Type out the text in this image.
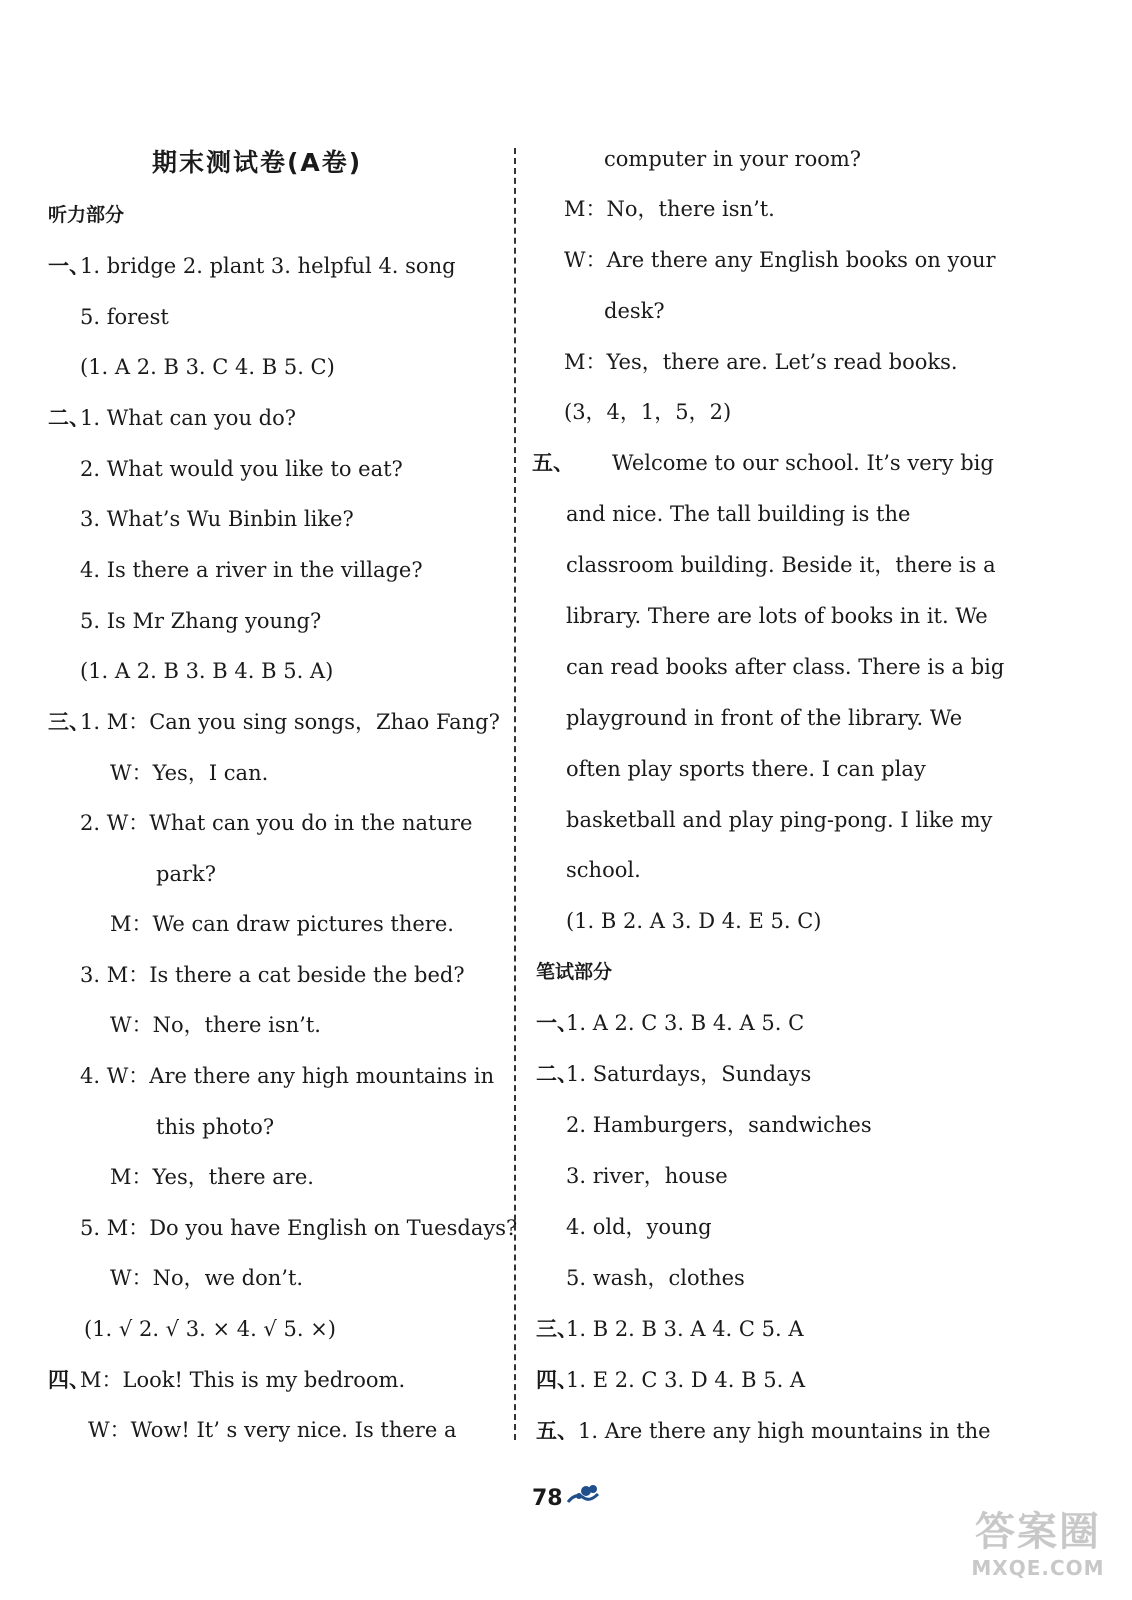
期末测试卷(A卷)
听力部分
一、
1. bridge 2. plant 3. helpful 4. song
5. forest
(1. A 2. B 3. C 4. B 5. C)
二、
1. What can you do?
2. What would you like to eat?
3. What’s Wu Binbin like?
4. Is there a river in the village?
5. Is Mr Zhang young?
(1. A 2. B 3. B 4. B 5. A)
三、
1. M：Can you sing songs，Zhao Fang?
W：Yes，I can.
2. W：What can you do in the nature
park?
M：We can draw pictures there.
3. M：Is there a cat beside the bed?
W：No，there isn’t.
4. W：Are there any high mountains in
this photo?
M：Yes，there are.
5. M：Do you have English on Tuesdays?
W：No，we don’t.
(1. √ 2. √ 3. × 4. √ 5. ×)
四、
M：Look! This is my bedroom.
W：Wow! It’ s very nice. Is there a
computer in your room?
M：No，there isn’t.
W：Are there any English books on your
desk?
M：Yes，there are. Let’s read books.
(3，4，1，5，2)
五、 Welcome to our school. It’s very big
and nice. The tall building is the
classroom building. Beside it，there is a
library. There are lots of books in it. We
can read books after class. There is a big
playground in front of the library. We
often play sports there. I can play
basketball and play ping-pong. I like my
school.
(1. B 2. A 3. D 4. E 5. C)
笔试部分
一、
1. A 2. C 3. B 4. A 5. C
二、
1. Saturdays，Sundays
2. Hamburgers，sandwiches
3. river，house
4. old，young
5. wash，clothes
三、
1. B 2. B 3. A 4. C 5. A
四、
1. E 2. C 3. D 4. B 5. A
五、 1. Are there any high mountains in the
78
答案圈
MXQE.COM
